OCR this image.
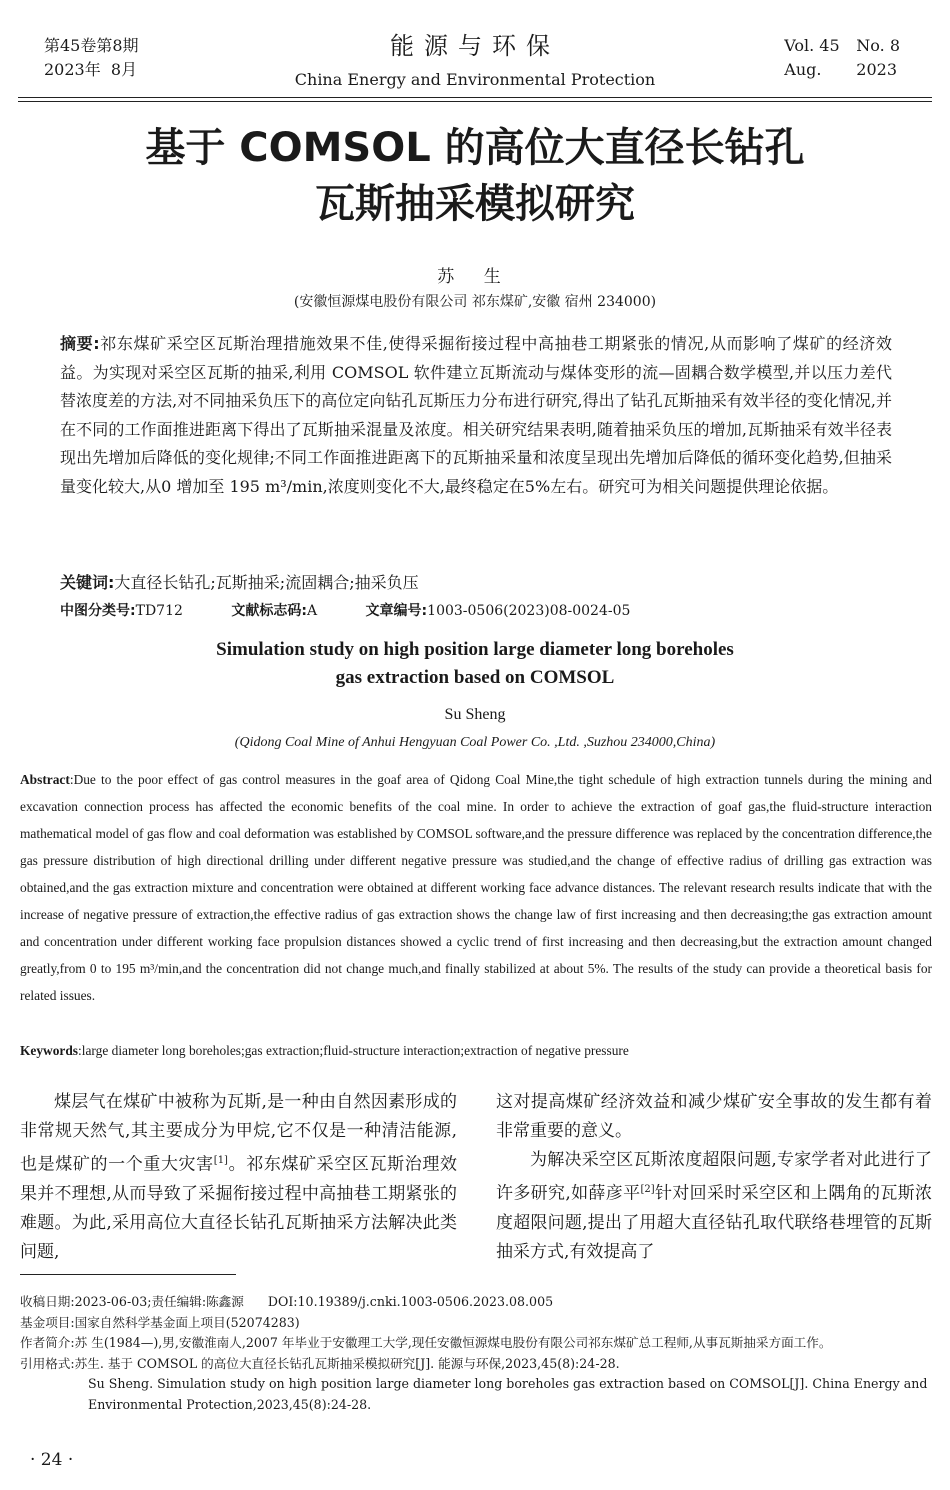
第45卷第8期
2023年  8月
能源与环保
China Energy and Environmental Protection
Vol. 45 No. 8
Aug. 2023
基于 COMSOL 的高位大直径长钻孔
瓦斯抽采模拟研究
苏 生
(安徽恒源煤电股份有限公司 祁东煤矿,安徽 宿州 234000)
摘要:祁东煤矿采空区瓦斯治理措施效果不佳,使得采掘衔接过程中高抽巷工期紧张的情况,从而影响了煤矿的经济效益。为实现对采空区瓦斯的抽采,利用 COMSOL 软件建立瓦斯流动与煤体变形的流—固耦合数学模型,并以压力差代替浓度差的方法,对不同抽采负压下的高位定向钻孔瓦斯压力分布进行研究,得出了钻孔瓦斯抽采有效半径的变化情况,并在不同的工作面推进距离下得出了瓦斯抽采混量及浓度。相关研究结果表明,随着抽采负压的增加,瓦斯抽采有效半径表现出先增加后降低的变化规律;不同工作面推进距离下的瓦斯抽采量和浓度呈现出先增加后降低的循环变化趋势,但抽采量变化较大,从0 增加至 195 m³/min,浓度则变化不大,最终稳定在5%左右。研究可为相关问题提供理论依据。
关键词:大直径长钻孔;瓦斯抽采;流固耦合;抽采负压
中图分类号:TD712	文献标志码:A	文章编号:1003-0506(2023)08-0024-05
Simulation study on high position large diameter long boreholes
gas extraction based on COMSOL
Su Sheng
(Qidong Coal Mine of Anhui Hengyuan Coal Power Co. ,Ltd. ,Suzhou 234000,China)
Abstract:Due to the poor effect of gas control measures in the goaf area of Qidong Coal Mine,the tight schedule of high extraction tunnels during the mining and excavation connection process has affected the economic benefits of the coal mine. In order to achieve the extraction of goaf gas,the fluid-structure interaction mathematical model of gas flow and coal deformation was established by COMSOL software,and the pressure difference was replaced by the concentration difference,the gas pressure distribution of high directional drilling under different negative pressure was studied,and the change of effective radius of drilling gas extraction was obtained,and the gas extraction mixture and concentration were obtained at different working face advance distances. The relevant research results indicate that with the increase of negative pressure of extraction,the effective radius of gas extraction shows the change law of first increasing and then decreasing;the gas extraction amount and concentration under different working face propulsion distances showed a cyclic trend of first increasing and then decreasing,but the extraction amount changed greatly,from 0 to 195 m³/min,and the concentration did not change much,and finally stabilized at about 5%. The results of the study can provide a theoretical basis for related issues.
Keywords:large diameter long boreholes;gas extraction;fluid-structure interaction;extraction of negative pressure

煤层气在煤矿中被称为瓦斯,是一种由自然因素形成的非常规天然气,其主要成分为甲烷,它不仅是一种清洁能源,也是煤矿的一个重大灾害[1]。祁东煤矿采空区瓦斯治理效果并不理想,从而导致了采掘衔接过程中高抽巷工期紧张的难题。为此,采用高位大直径长钻孔瓦斯抽采方法解决此类问题,

这对提高煤矿经济效益和减少煤矿安全事故的发生都有着非常重要的意义。

为解决采空区瓦斯浓度超限问题,专家学者对此进行了许多研究,如薛彦平[2]针对回采时采空区和上隅角的瓦斯浓度超限问题,提出了用超大直径钻孔取代联络巷埋管的瓦斯抽采方式,有效提高了

收稿日期:2023-06-03;责任编辑:陈鑫源 DOI:10.19389/j.cnki.1003-0506.2023.08.005
基金项目:国家自然科学基金面上项目(52074283)
作者简介:苏 生(1984—),男,安徽淮南人,2007 年毕业于安徽理工大学,现任安徽恒源煤电股份有限公司祁东煤矿总工程师,从事瓦斯抽采方面工作。
引用格式:苏生. 基于 COMSOL 的高位大直径长钻孔瓦斯抽采模拟研究[J]. 能源与环保,2023,45(8):24-28.
Su Sheng. Simulation study on high position large diameter long boreholes gas extraction based on COMSOL[J]. China Energy and Environmental Protection,2023,45(8):24-28.
· 24 ·
